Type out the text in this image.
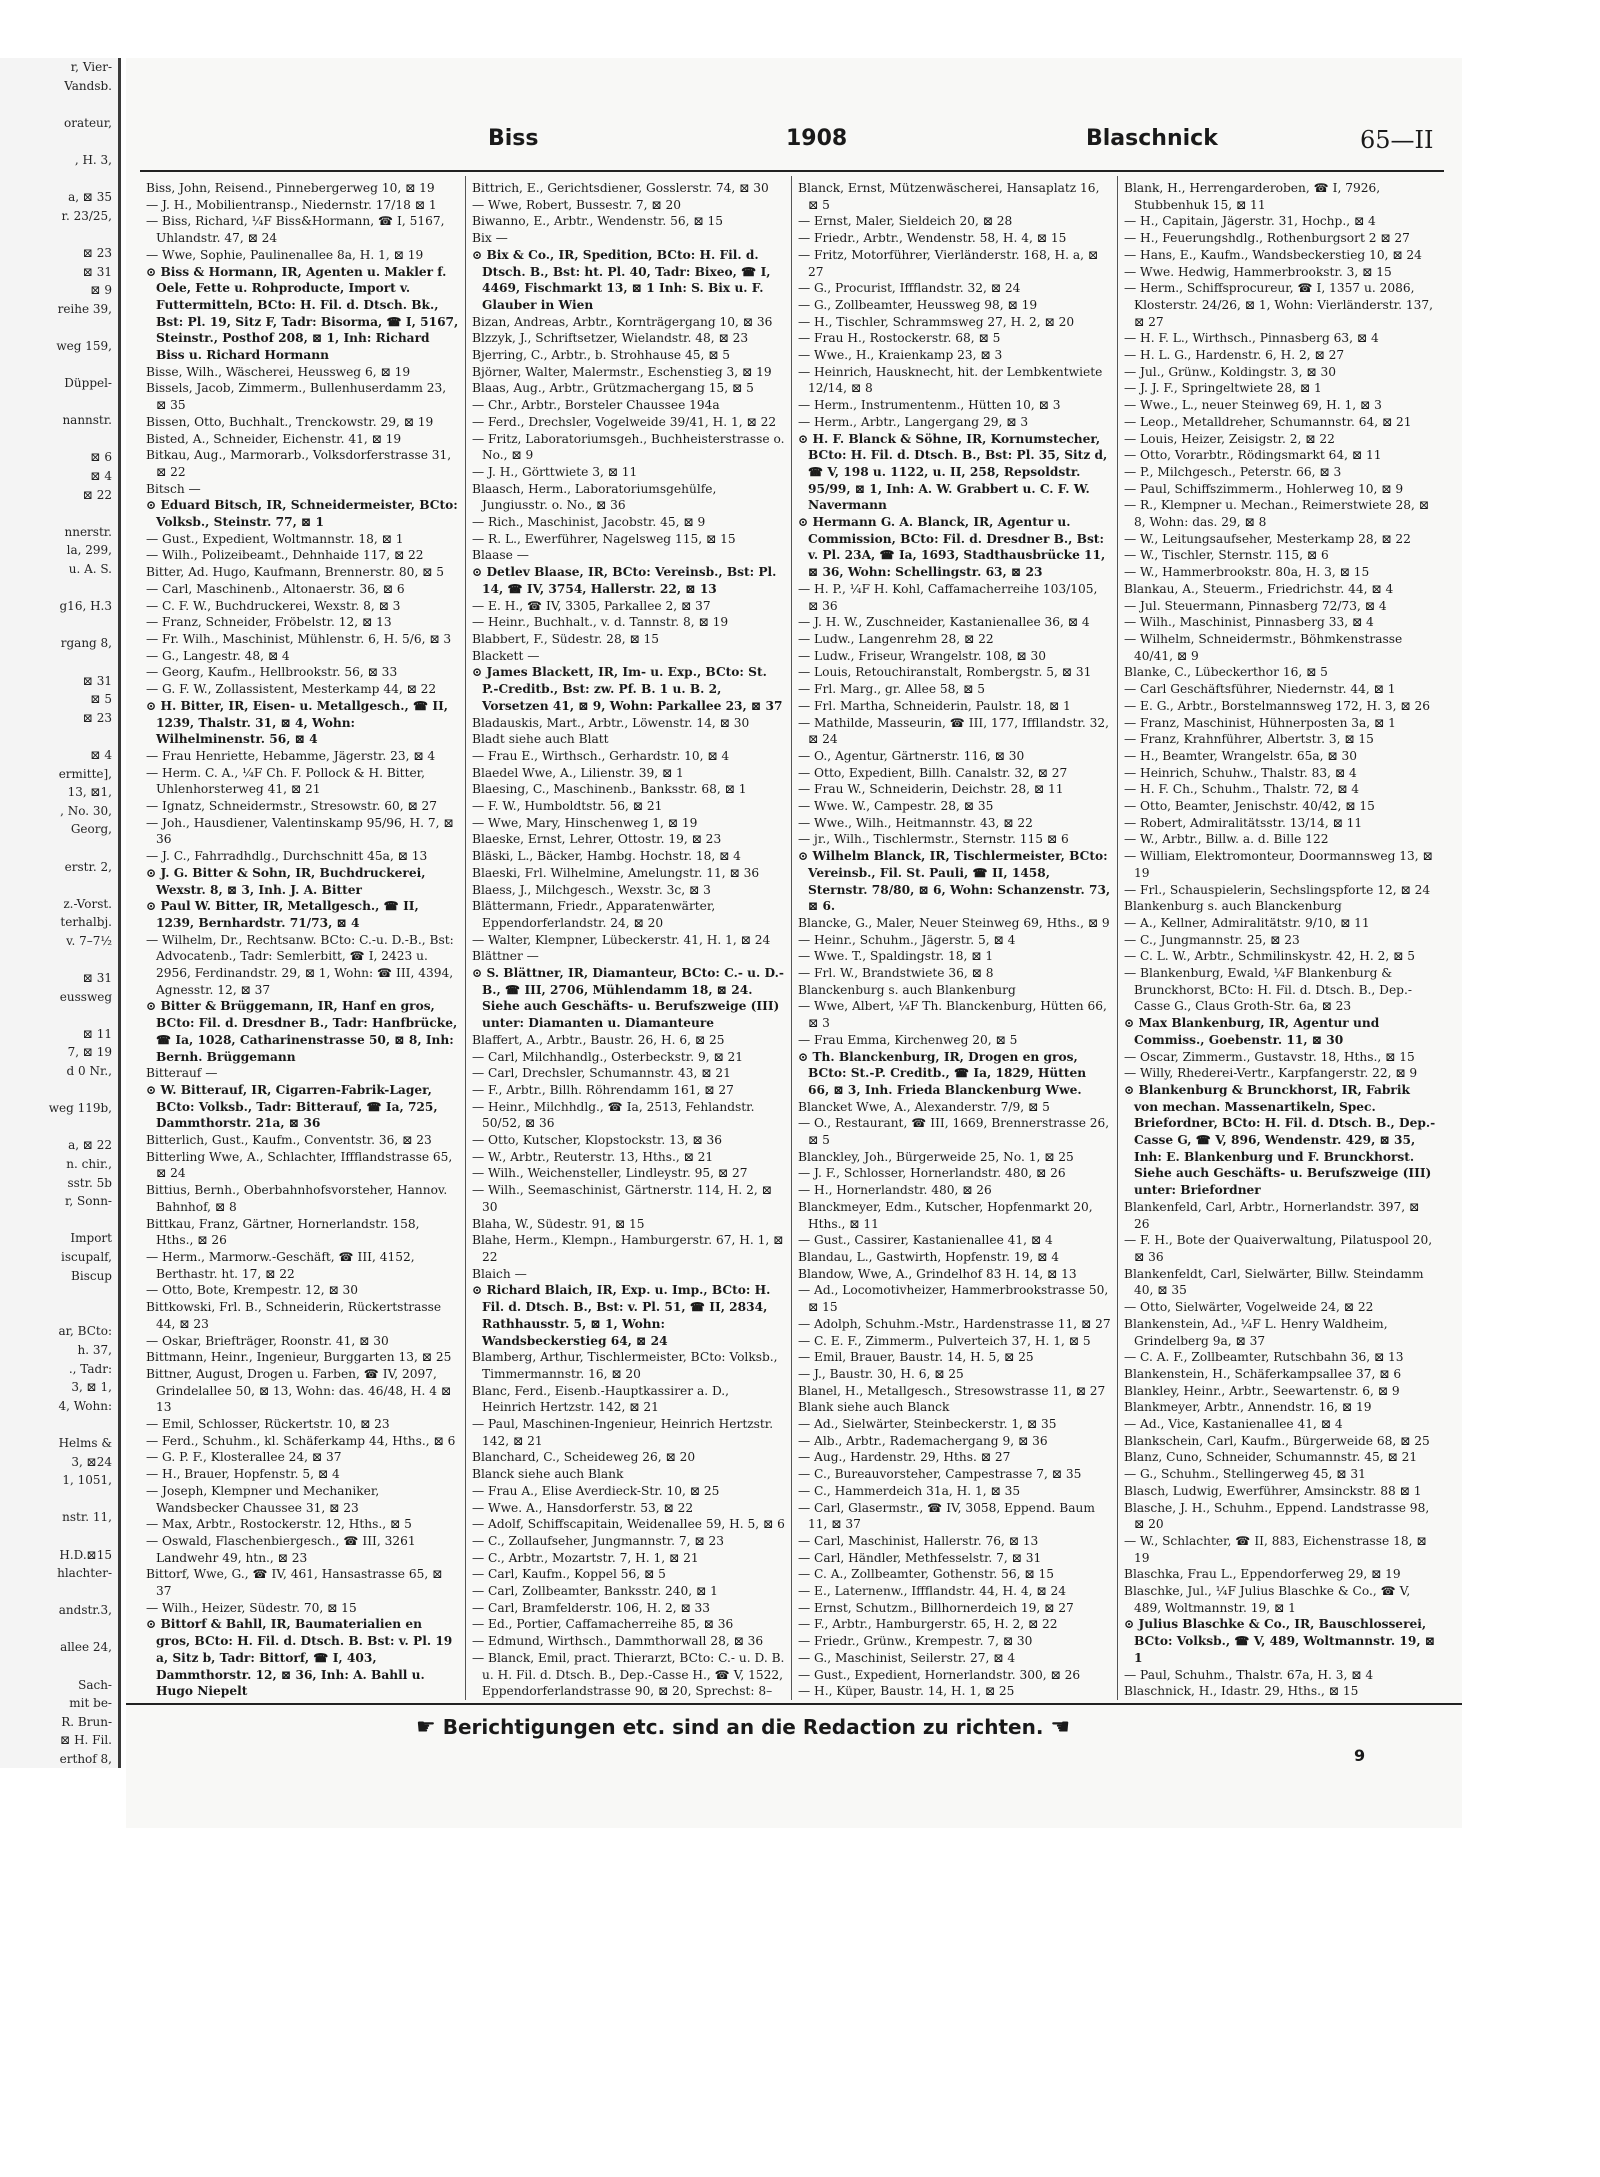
r, Vier-
Vandsb.

orateur,

, H. 3,

a, ⊠ 35
r. 23/25,

⊠ 23
⊠ 31
⊠ 9
reihe 39,

weg 159,

Düppel-

nannstr.

⊠ 6
⊠ 4
⊠ 22

nnerstr.
la, 299,
u. A. S.

g16, H.3

rgang 8,

⊠ 31
⊠ 5
⊠ 23

⊠ 4
ermitte],
13, ⊠1,
, No. 30,
Georg,

erstr. 2,

z.-Vorst.
terhalbj.
v. 7–7½

⊠ 31
eussweg

⊠ 11
7, ⊠ 19
d 0 Nr.,

weg 119b,

a, ⊠ 22
n. chir.,
sstr. 5b
r, Sonn-

Import
iscupalf,
Biscup

ar, BCto:
h. 37,
., Tadr:
3, ⊠ 1,
4, Wohn:

Helms &
3, ⊠24
1, 1051,

nstr. 11,

H.D.⊠15
hlachter-

andstr.3,

allee 24,

Sach-
mit be-
R. Brun-
⊠ H. Fil.
erthof 8,

Biss	1908	Blaschnick	65—II

Biss, John, Reisend., Pinnebergerweg 10, ⊠ 19

— J. H., Mobilientransp., Niedernstr. 17/18 ⊠ 1

— Biss, Richard, ¼F Biss&Hormann, ☎ I, 5167, Uhlandstr. 47, ⊠ 24

— Wwe, Sophie, Paulinenallee 8a, H. 1, ⊠ 19

⊙ Biss & Hormann, IR, Agenten u. Makler f. Oele, Fette u. Rohproducte, Import v. Futtermitteln, BCto: H. Fil. d. Dtsch. Bk., Bst: Pl. 19, Sitz F, Tadr: Bisorma, ☎ I, 5167, Steinstr., Posthof 208, ⊠ 1, Inh: Richard Biss u. Richard Hormann

Bisse, Wilh., Wäscherei, Heussweg 6, ⊠ 19

Bissels, Jacob, Zimmerm., Bullenhuserdamm 23, ⊠ 35

Bissen, Otto, Buchhalt., Trenckowstr. 29, ⊠ 19

Bisted, A., Schneider, Eichenstr. 41, ⊠ 19

Bitkau, Aug., Marmorarb., Volksdorferstrasse 31, ⊠ 22

Bitsch —

⊙ Eduard Bitsch, IR, Schneidermeister, BCto: Volksb., Steinstr. 77, ⊠ 1

— Gust., Expedient, Woltmannstr. 18, ⊠ 1

— Wilh., Polizeibeamt., Dehnhaide 117, ⊠ 22

Bitter, Ad. Hugo, Kaufmann, Brennerstr. 80, ⊠ 5

— Carl, Maschinenb., Altonaerstr. 36, ⊠ 6

— C. F. W., Buchdruckerei, Wexstr. 8, ⊠ 3

— Franz, Schneider, Fröbelstr. 12, ⊠ 13

— Fr. Wilh., Maschinist, Mühlenstr. 6, H. 5/6, ⊠ 3

— G., Langestr. 48, ⊠ 4

— Georg, Kaufm., Hellbrookstr. 56, ⊠ 33

— G. F. W., Zollassistent, Mesterkamp 44, ⊠ 22

⊙ H. Bitter, IR, Eisen- u. Metallgesch., ☎ II, 1239, Thalstr. 31, ⊠ 4, Wohn: Wilhelminenstr. 56, ⊠ 4

— Frau Henriette, Hebamme, Jägerstr. 23, ⊠ 4

— Herm. C. A., ¼F Ch. F. Pollock & H. Bitter, Uhlenhorsterweg 41, ⊠ 21

— Ignatz, Schneidermstr., Stresowstr. 60, ⊠ 27

— Joh., Hausdiener, Valentinskamp 95/96, H. 7, ⊠ 36

— J. C., Fahrradhdlg., Durchschnitt 45a, ⊠ 13

⊙ J. G. Bitter & Sohn, IR, Buchdruckerei, Wexstr. 8, ⊠ 3, Inh. J. A. Bitter

⊙ Paul W. Bitter, IR, Metallgesch., ☎ II, 1239, Bernhardstr. 71/73, ⊠ 4

— Wilhelm, Dr., Rechtsanw. BCto: C.-u. D.-B., Bst: Advocatenb., Tadr: Semlerbitt, ☎ I, 2423 u. 2956, Ferdinandstr. 29, ⊠ 1, Wohn: ☎ III, 4394, Agnesstr. 12, ⊠ 37

⊙ Bitter & Brüggemann, IR, Hanf en gros, BCto: Fil. d. Dresdner B., Tadr: Hanfbrücke, ☎ Ia, 1028, Catharinenstrasse 50, ⊠ 8, Inh: Bernh. Brüggemann

Bitterauf —

⊙ W. Bitterauf, IR, Cigarren-Fabrik-Lager, BCto: Volksb., Tadr: Bitterauf, ☎ Ia, 725, Dammthorstr. 21a, ⊠ 36

Bitterlich, Gust., Kaufm., Conventstr. 36, ⊠ 23

Bitterling Wwe, A., Schlachter, Iffflandstrasse 65, ⊠ 24

Bittius, Bernh., Oberbahnhofsvorsteher, Hannov. Bahnhof, ⊠ 8

Bittkau, Franz, Gärtner, Hornerlandstr. 158, Hths., ⊠ 26

— Herm., Marmorw.-Geschäft, ☎ III, 4152, Berthastr. ht. 17, ⊠ 22

— Otto, Bote, Krempestr. 12, ⊠ 30

Bittkowski, Frl. B., Schneiderin, Rückertstrasse 44, ⊠ 23

— Oskar, Briefträger, Roonstr. 41, ⊠ 30

Bittmann, Heinr., Ingenieur, Burggarten 13, ⊠ 25

Bittner, August, Drogen u. Farben, ☎ IV, 2097, Grindelallee 50, ⊠ 13, Wohn: das. 46/48, H. 4 ⊠ 13

— Emil, Schlosser, Rückertstr. 10, ⊠ 23

— Ferd., Schuhm., kl. Schäferkamp 44, Hths., ⊠ 6

— G. P. F., Klosterallee 24, ⊠ 37

— H., Brauer, Hopfenstr. 5, ⊠ 4

— Joseph, Klempner und Mechaniker, Wandsbecker Chaussee 31, ⊠ 23

— Max, Arbtr., Rostockerstr. 12, Hths., ⊠ 5

— Oswald, Flaschenbiergesch., ☎ III, 3261 Landwehr 49, htn., ⊠ 23

Bittorf, Wwe, G., ☎ IV, 461, Hansastrasse 65, ⊠ 37

— Wilh., Heizer, Südestr. 70, ⊠ 15

⊙ Bittorf & Bahll, IR, Baumaterialien en gros, BCto: H. Fil. d. Dtsch. B. Bst: v. Pl. 19 a, Sitz b, Tadr: Bittorf, ☎ I, 403, Dammthorstr. 12, ⊠ 36, Inh: A. Bahll u. Hugo Niepelt

Bittrich, E., Gerichtsdiener, Gosslerstr. 74, ⊠ 30

— Wwe, Robert, Bussestr. 7, ⊠ 20

Biwanno, E., Arbtr., Wendenstr. 56, ⊠ 15

Bix —

⊙ Bix & Co., IR, Spedition, BCto: H. Fil. d. Dtsch. B., Bst: ht. Pl. 40, Tadr: Bixeo, ☎ I, 4469, Fischmarkt 13, ⊠ 1 Inh: S. Bix u. F. Glauber in Wien

Bizan, Andreas, Arbtr., Kornträgergang 10, ⊠ 36

Blzzyk, J., Schriftsetzer, Wielandstr. 48, ⊠ 23

Bjerring, C., Arbtr., b. Strohhause 45, ⊠ 5

Björner, Walter, Malermstr., Eschenstieg 3, ⊠ 19

Blaas, Aug., Arbtr., Grützmachergang 15, ⊠ 5

— Chr., Arbtr., Borsteler Chaussee 194a

— Ferd., Drechsler, Vogelweide 39/41, H. 1, ⊠ 22

— Fritz, Laboratoriumsgeh., Buchheisterstrasse o. No., ⊠ 9

— J. H., Görttwiete 3, ⊠ 11

Blaasch, Herm., Laboratoriumsgehülfe, Jungiusstr. o. No., ⊠ 36

— Rich., Maschinist, Jacobstr. 45, ⊠ 9

— R. L., Ewerführer, Nagelsweg 115, ⊠ 15

Blaase —

⊙ Detlev Blaase, IR, BCto: Vereinsb., Bst: Pl. 14, ☎ IV, 3754, Hallerstr. 22, ⊠ 13

— E. H., ☎ IV, 3305, Parkallee 2, ⊠ 37

— Heinr., Buchhalt., v. d. Tannstr. 8, ⊠ 19

Blabbert, F., Südestr. 28, ⊠ 15

Blackett —

⊙ James Blackett, IR, Im- u. Exp., BCto: St. P.-Creditb., Bst: zw. Pf. B. 1 u. B. 2, Vorsetzen 41, ⊠ 9, Wohn: Parkallee 23, ⊠ 37

Bladauskis, Mart., Arbtr., Löwenstr. 14, ⊠ 30

Bladt siehe auch Blatt

— Frau E., Wirthsch., Gerhardstr. 10, ⊠ 4

Blaedel Wwe, A., Lilienstr. 39, ⊠ 1

Blaesing, C., Maschinenb., Banksstr. 68, ⊠ 1

— F. W., Humboldtstr. 56, ⊠ 21

— Wwe, Mary, Hinschenweg 1, ⊠ 19

Blaeske, Ernst, Lehrer, Ottostr. 19, ⊠ 23

Bläski, L., Bäcker, Hambg. Hochstr. 18, ⊠ 4

Blaeski, Frl. Wilhelmine, Amelungstr. 11, ⊠ 36

Blaess, J., Milchgesch., Wexstr. 3c, ⊠ 3

Blättermann, Friedr., Apparatenwärter, Eppendorferlandstr. 24, ⊠ 20

— Walter, Klempner, Lübeckerstr. 41, H. 1, ⊠ 24

Blättner —

⊙ S. Blättner, IR, Diamanteur, BCto: C.- u. D.-B., ☎ III, 2706, Mühlendamm 18, ⊠ 24. Siehe auch Geschäfts- u. Berufszweige (III) unter: Diamanten u. Diamanteure

Blaffert, A., Arbtr., Baustr. 26, H. 6, ⊠ 25

— Carl, Milchhandlg., Osterbeckstr. 9, ⊠ 21

— Carl, Drechsler, Schumannstr. 43, ⊠ 21

— F., Arbtr., Billh. Röhrendamm 161, ⊠ 27

— Heinr., Milchhdlg., ☎ Ia, 2513, Fehlandstr. 50/52, ⊠ 36

— Otto, Kutscher, Klopstockstr. 13, ⊠ 36

— W., Arbtr., Reuterstr. 13, Hths., ⊠ 21

— Wilh., Weichensteller, Lindleystr. 95, ⊠ 27

— Wilh., Seemaschinist, Gärtnerstr. 114, H. 2, ⊠ 30

Blaha, W., Südestr. 91, ⊠ 15

Blahe, Herm., Klempn., Hamburgerstr. 67, H. 1, ⊠ 22

Blaich —

⊙ Richard Blaich, IR, Exp. u. Imp., BCto: H. Fil. d. Dtsch. B., Bst: v. Pl. 51, ☎ II, 2834, Rathhausstr. 5, ⊠ 1, Wohn: Wandsbeckerstieg 64, ⊠ 24

Blamberg, Arthur, Tischlermeister, BCto: Volksb., Timmermannstr. 16, ⊠ 20

Blanc, Ferd., Eisenb.-Hauptkassirer a. D., Heinrich Hertzstr. 142, ⊠ 21

— Paul, Maschinen-Ingenieur, Heinrich Hertzstr. 142, ⊠ 21

Blanchard, C., Scheideweg 26, ⊠ 20

Blanck siehe auch Blank

— Frau A., Elise Averdieck-Str. 10, ⊠ 25

— Wwe. A., Hansdorferstr. 53, ⊠ 22

— Adolf, Schiffscapitain, Weidenallee 59, H. 5, ⊠ 6

— C., Zollaufseher, Jungmannstr. 7, ⊠ 23

— C., Arbtr., Mozartstr. 7, H. 1, ⊠ 21

— Carl, Kaufm., Koppel 56, ⊠ 5

— Carl, Zollbeamter, Banksstr. 240, ⊠ 1

— Carl, Bramfelderstr. 106, H. 2, ⊠ 33

— Ed., Portier, Caffamacherreihe 85, ⊠ 36

— Edmund, Wirthsch., Dammthorwall 28, ⊠ 36

— Blanck, Emil, pract. Thierarzt, BCto: C.- u. D. B. u. H. Fil. d. Dtsch. B., Dep.-Casse H., ☎ V, 1522, Eppendorferlandstrasse 90, ⊠ 20, Sprechst: 8–

Blanck, Ernst, Mützenwäscherei, Hansaplatz 16, ⊠ 5

— Ernst, Maler, Sieldeich 20, ⊠ 28

— Friedr., Arbtr., Wendenstr. 58, H. 4, ⊠ 15

— Fritz, Motorführer, Vierländerstr. 168, H. a, ⊠ 27

— G., Procurist, Iffflandstr. 32, ⊠ 24

— G., Zollbeamter, Heussweg 98, ⊠ 19

— H., Tischler, Schrammsweg 27, H. 2, ⊠ 20

— Frau H., Rostockerstr. 68, ⊠ 5

— Wwe., H., Kraienkamp 23, ⊠ 3

— Heinrich, Hausknecht, hit. der Lembkentwiete 12/14, ⊠ 8

— Herm., Instrumentenm., Hütten 10, ⊠ 3

— Herm., Arbtr., Langergang 29, ⊠ 3

⊙ H. F. Blanck & Söhne, IR, Kornumstecher, BCto: H. Fil. d. Dtsch. B., Bst: Pl. 35, Sitz d, ☎ V, 198 u. 1122, u. II, 258, Repsoldstr. 95/99, ⊠ 1, Inh: A. W. Grabbert u. C. F. W. Navermann

⊙ Hermann G. A. Blanck, IR, Agentur u. Commission, BCto: Fil. d. Dresdner B., Bst: v. Pl. 23A, ☎ Ia, 1693, Stadthausbrücke 11, ⊠ 36, Wohn: Schellingstr. 63, ⊠ 23

— H. P., ¼F H. Kohl, Caffamacherreihe 103/105, ⊠ 36

— J. H. W., Zuschneider, Kastanienallee 36, ⊠ 4

— Ludw., Langenrehm 28, ⊠ 22

— Ludw., Friseur, Wrangelstr. 108, ⊠ 30

— Louis, Retouchiranstalt, Rombergstr. 5, ⊠ 31

— Frl. Marg., gr. Allee 58, ⊠ 5

— Frl. Martha, Schneiderin, Paulstr. 18, ⊠ 1

— Mathilde, Masseurin, ☎ III, 177, Iffllandstr. 32, ⊠ 24

— O., Agentur, Gärtnerstr. 116, ⊠ 30

— Otto, Expedient, Billh. Canalstr. 32, ⊠ 27

— Frau W., Schneiderin, Deichstr. 28, ⊠ 11

— Wwe. W., Campestr. 28, ⊠ 35

— Wwe., Wilh., Heitmannstr. 43, ⊠ 22

— jr., Wilh., Tischlermstr., Sternstr. 115 ⊠ 6

⊙ Wilhelm Blanck, IR, Tischlermeister, BCto: Vereinsb., Fil. St. Pauli, ☎ II, 1458, Sternstr. 78/80, ⊠ 6, Wohn: Schanzenstr. 73, ⊠ 6.

Blancke, G., Maler, Neuer Steinweg 69, Hths., ⊠ 9

— Heinr., Schuhm., Jägerstr. 5, ⊠ 4

— Wwe. T., Spaldingstr. 18, ⊠ 1

— Frl. W., Brandstwiete 36, ⊠ 8

Blanckenburg s. auch Blankenburg

— Wwe, Albert, ¼F Th. Blanckenburg, Hütten 66, ⊠ 3

— Frau Emma, Kirchenweg 20, ⊠ 5

⊙ Th. Blanckenburg, IR, Drogen en gros, BCto: St.-P. Creditb., ☎ Ia, 1829, Hütten 66, ⊠ 3, Inh. Frieda Blanckenburg Wwe.

Blancket Wwe, A., Alexanderstr. 7/9, ⊠ 5

— O., Restaurant, ☎ III, 1669, Brennerstrasse 26, ⊠ 5

Blanckley, Joh., Bürgerweide 25, No. 1, ⊠ 25

— J. F., Schlosser, Hornerlandstr. 480, ⊠ 26

— H., Hornerlandstr. 480, ⊠ 26

Blanckmeyer, Edm., Kutscher, Hopfenmarkt 20, Hths., ⊠ 11

— Gust., Cassirer, Kastanienallee 41, ⊠ 4

Blandau, L., Gastwirth, Hopfenstr. 19, ⊠ 4

Blandow, Wwe, A., Grindelhof 83 H. 14, ⊠ 13

— Ad., Locomotivheizer, Hammerbrookstrasse 50, ⊠ 15

— Adolph, Schuhm.-Mstr., Hardenstrasse 11, ⊠ 27

— C. E. F., Zimmerm., Pulverteich 37, H. 1, ⊠ 5

— Emil, Brauer, Baustr. 14, H. 5, ⊠ 25

— J., Baustr. 30, H. 6, ⊠ 25

Blanel, H., Metallgesch., Stresowstrasse 11, ⊠ 27

Blank siehe auch Blanck

— Ad., Sielwärter, Steinbeckerstr. 1, ⊠ 35

— Alb., Arbtr., Rademachergang 9, ⊠ 36

— Aug., Hardenstr. 29, Hths. ⊠ 27

— C., Bureauvorsteher, Campestrasse 7, ⊠ 35

— C., Hammerdeich 31a, H. 1, ⊠ 35

— Carl, Glasermstr., ☎ IV, 3058, Eppend. Baum 11, ⊠ 37

— Carl, Maschinist, Hallerstr. 76, ⊠ 13

— Carl, Händler, Methfesselstr. 7, ⊠ 31

— C. A., Zollbeamter, Gothenstr. 56, ⊠ 15

— E., Laternenw., Iffflandstr. 44, H. 4, ⊠ 24

— Ernst, Schutzm., Billhornerdeich 19, ⊠ 27

— F., Arbtr., Hamburgerstr. 65, H. 2, ⊠ 22

— Friedr., Grünw., Krempestr. 7, ⊠ 30

— G., Maschinist, Seilerstr. 27, ⊠ 4

— Gust., Expedient, Hornerlandstr. 300, ⊠ 26

— H., Küper, Baustr. 14, H. 1, ⊠ 25

Blank, H., Herrengarderoben, ☎ I, 7926, Stubbenhuk 15, ⊠ 11

— H., Capitain, Jägerstr. 31, Hochp., ⊠ 4

— H., Feuerungshdlg., Rothenburgsort 2 ⊠ 27

— Hans, E., Kaufm., Wandsbeckerstieg 10, ⊠ 24

— Wwe. Hedwig, Hammerbrookstr. 3, ⊠ 15

— Herm., Schiffsprocureur, ☎ I, 1357 u. 2086, Klosterstr. 24/26, ⊠ 1, Wohn: Vierländerstr. 137, ⊠ 27

— H. F. L., Wirthsch., Pinnasberg 63, ⊠ 4

— H. L. G., Hardenstr. 6, H. 2, ⊠ 27

— Jul., Grünw., Koldingstr. 3, ⊠ 30

— J. J. F., Springeltwiete 28, ⊠ 1

— Wwe., L., neuer Steinweg 69, H. 1, ⊠ 3

— Leop., Metalldreher, Schumannstr. 64, ⊠ 21

— Louis, Heizer, Zeisigstr. 2, ⊠ 22

— Otto, Vorarbtr., Rödingsmarkt 64, ⊠ 11

— P., Milchgesch., Peterstr. 66, ⊠ 3

— Paul, Schiffszimmerm., Hohlerweg 10, ⊠ 9

— R., Klempner u. Mechan., Reimerstwiete 28, ⊠ 8, Wohn: das. 29, ⊠ 8

— W., Leitungsaufseher, Mesterkamp 28, ⊠ 22

— W., Tischler, Sternstr. 115, ⊠ 6

— W., Hammerbrookstr. 80a, H. 3, ⊠ 15

Blankau, A., Steuerm., Friedrichstr. 44, ⊠ 4

— Jul. Steuermann, Pinnasberg 72/73, ⊠ 4

— Wilh., Maschinist, Pinnasberg 33, ⊠ 4

— Wilhelm, Schneidermstr., Böhmkenstrasse 40/41, ⊠ 9

Blanke, C., Lübeckerthor 16, ⊠ 5

— Carl Geschäftsführer, Niedernstr. 44, ⊠ 1

— E. G., Arbtr., Borstelmannsweg 172, H. 3, ⊠ 26

— Franz, Maschinist, Hühnerposten 3a, ⊠ 1

— Franz, Krahnführer, Albertstr. 3, ⊠ 15

— H., Beamter, Wrangelstr. 65a, ⊠ 30

— Heinrich, Schuhw., Thalstr. 83, ⊠ 4

— H. F. Ch., Schuhm., Thalstr. 72, ⊠ 4

— Otto, Beamter, Jenischstr. 40/42, ⊠ 15

— Robert, Admiralitätsstr. 13/14, ⊠ 11

— W., Arbtr., Billw. a. d. Bille 122

— William, Elektromonteur, Doormannsweg 13, ⊠ 19

— Frl., Schauspielerin, Sechslingspforte 12, ⊠ 24

Blankenburg s. auch Blanckenburg

— A., Kellner, Admiralitätstr. 9/10, ⊠ 11

— C., Jungmannstr. 25, ⊠ 23

— C. L. W., Arbtr., Schmilinskystr. 42, H. 2, ⊠ 5

— Blankenburg, Ewald, ¼F Blankenburg & Brunckhorst, BCto: H. Fil. d. Dtsch. B., Dep.-Casse G., Claus Groth-Str. 6a, ⊠ 23

⊙ Max Blankenburg, IR, Agentur und Commiss., Goebenstr. 11, ⊠ 30

— Oscar, Zimmerm., Gustavstr. 18, Hths., ⊠ 15

— Willy, Rhederei-Vertr., Karpfangerstr. 22, ⊠ 9

⊙ Blankenburg & Brunckhorst, IR, Fabrik von mechan. Massenartikeln, Spec. Briefordner, BCto: H. Fil. d. Dtsch. B., Dep.-Casse G, ☎ V, 896, Wendenstr. 429, ⊠ 35, Inh: E. Blankenburg und F. Brunckhorst. Siehe auch Geschäfts- u. Berufszweige (III) unter: Briefordner

Blankenfeld, Carl, Arbtr., Hornerlandstr. 397, ⊠ 26

— F. H., Bote der Quaiverwaltung, Pilatuspool 20, ⊠ 36

Blankenfeldt, Carl, Sielwärter, Billw. Steindamm 40, ⊠ 35

— Otto, Sielwärter, Vogelweide 24, ⊠ 22

Blankenstein, Ad., ¼F L. Henry Waldheim, Grindelberg 9a, ⊠ 37

— C. A. F., Zollbeamter, Rutschbahn 36, ⊠ 13

Blankenstein, H., Schäferkampsallee 37, ⊠ 6

Blankley, Heinr., Arbtr., Seewartenstr. 6, ⊠ 9

Blankmeyer, Arbtr., Annendstr. 16, ⊠ 19

— Ad., Vice, Kastanienallee 41, ⊠ 4

Blankschein, Carl, Kaufm., Bürgerweide 68, ⊠ 25

Blanz, Cuno, Schneider, Schumannstr. 45, ⊠ 21

— G., Schuhm., Stellingerweg 45, ⊠ 31

Blasch, Ludwig, Ewerführer, Amsinckstr. 88 ⊠ 1

Blasche, J. H., Schuhm., Eppend. Landstrasse 98, ⊠ 20

— W., Schlachter, ☎ II, 883, Eichenstrasse 18, ⊠ 19

Blaschka, Frau L., Eppendorferweg 29, ⊠ 19

Blaschke, Jul., ¼F Julius Blaschke & Co., ☎ V, 489, Woltmannstr. 19, ⊠ 1

⊙ Julius Blaschke & Co., IR, Bauschlosserei, BCto: Volksb., ☎ V, 489, Woltmannstr. 19, ⊠ 1

— Paul, Schuhm., Thalstr. 67a, H. 3, ⊠ 4

Blaschnick, H., Idastr. 29, Hths., ⊠ 15

☛ Berichtigungen etc. sind an die Redaction zu richten. ☚
9
